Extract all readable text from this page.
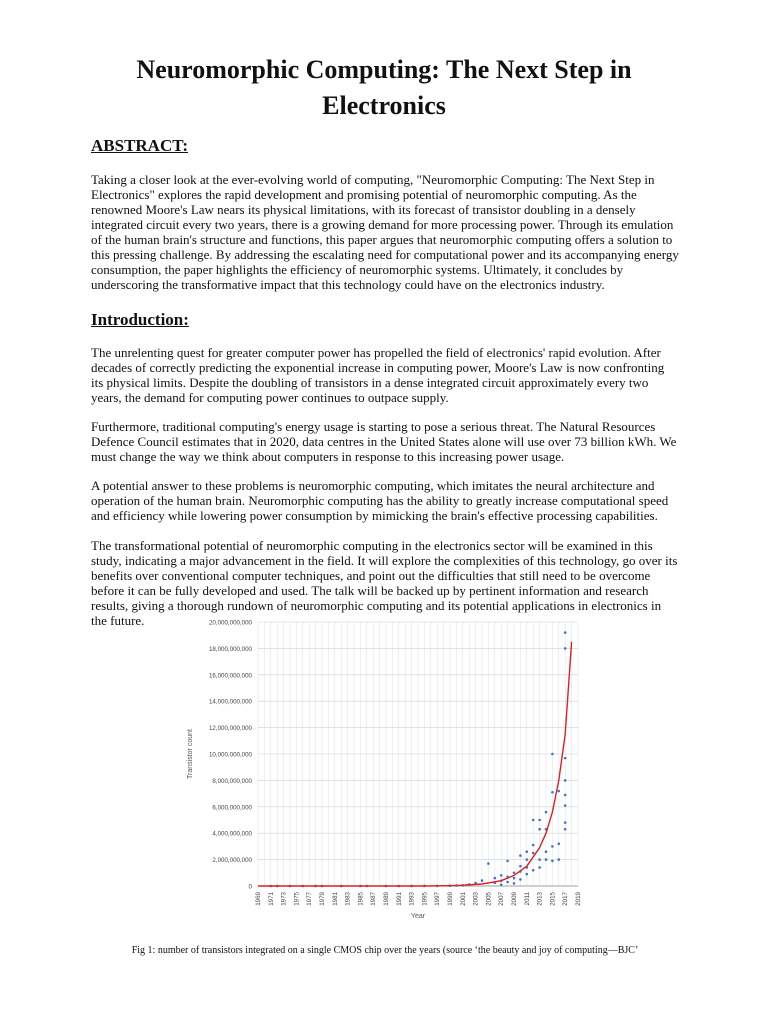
Neuromorphic Computing: The Next Step in Electronics
ABSTRACT:

Taking a closer look at the ever-evolving world of computing, "Neuromorphic Computing: The Next Step in Electronics" explores the rapid development and promising potential of neuromorphic computing. As the renowned Moore's Law nears its physical limitations, with its forecast of transistor doubling in a densely integrated circuit every two years, there is a growing demand for more processing power. Through its emulation of the human brain's structure and functions, this paper argues that neuromorphic computing offers a solution to this pressing challenge. By addressing the escalating need for computational power and its accompanying energy consumption, the paper highlights the efficiency of neuromorphic systems. Ultimately, it concludes by underscoring the transformative impact that this technology could have on the electronics industry.

Introduction:

The unrelenting quest for greater computer power has propelled the field of electronics' rapid evolution. After decades of correctly predicting the exponential increase in computing power, Moore's Law is now confronting its physical limits. Despite the doubling of transistors in a dense integrated circuit approximately every two years, the demand for computing power continues to outpace supply.

Furthermore, traditional computing's energy usage is starting to pose a serious threat. The Natural Resources Defence Council estimates that in 2020, data centres in the United States alone will use over 73 billion kWh. We must change the way we think about computers in response to this increasing power usage.

A potential answer to these problems is neuromorphic computing, which imitates the neural architecture and operation of the human brain. Neuromorphic computing has the ability to greatly increase computational speed and efficiency while lowering power consumption by mimicking the brain's effective processing capabilities.

The transformational potential of neuromorphic computing in the electronics sector will be examined in this study, indicating a major advancement in the field. It will explore the complexities of this technology, go over its benefits over conventional computer techniques, and point out the difficulties that still need to be overcome before it can be fully developed and used. The talk will be backed up by pertinent information and research results, giving a thorough rundown of neuromorphic computing and its potential applications in electronics in the future.

0
2,000,000,000
4,000,000,000
6,000,000,000
8,000,000,000
10,000,000,000
12,000,000,000
14,000,000,000
16,000,000,000
18,000,000,000
20,000,000,000
1969 1971 1973 1975 1977 1979 1981 1983 1985 1987 1989 1991 1993 1995 1997 1999 2001 2003 2005 2007 2009 2011 2013 2015 2017 2019
Year
Transistor count

Fig 1: number of transistors integrated on a single CMOS chip over the years (source ‘the beauty and joy of computing—BJC’
